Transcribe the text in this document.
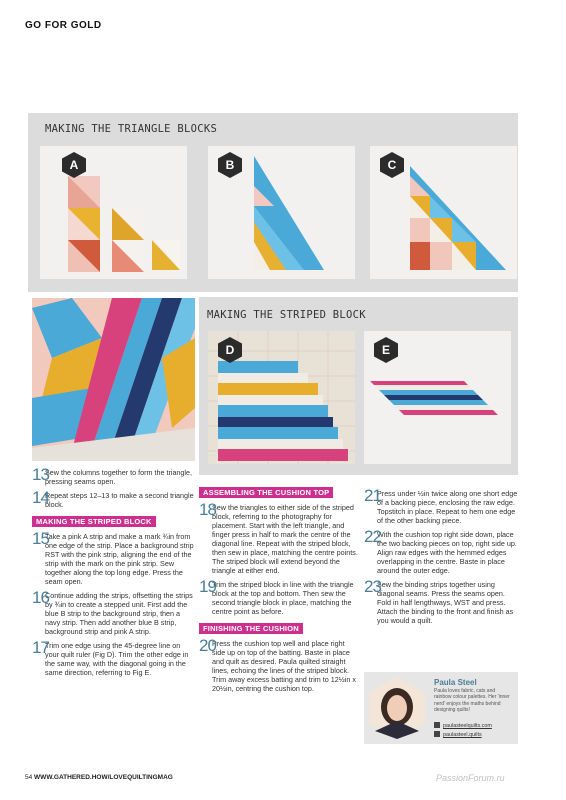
GO FOR GOLD
MAKING THE TRIANGLE BLOCKS
A	B	C
MAKING THE STRIPED BLOCK
D	E
13
Sew the columns together to form the triangle, pressing seams open.
14
Repeat steps 12–13 to make a second triangle block.
MAKING THE STRIPED BLOCK
15
Take a pink A strip and make a mark ¾in from one edge of the strip. Place a background strip RST with the pink strip, aligning the end of the strip with the mark on the pink strip. Sew together along the top long edge. Press the seam open.
16
Continue adding the strips, offsetting the strips by ¾in to create a stepped unit. First add the blue B strip to the background strip, then a navy strip. Then add another blue B strip, background strip and pink A strip.
17
Trim one edge using the 45-degree line on your quilt ruler (Fig D). Trim the other edge in the same way, with the diagonal going in the same direction, referring to Fig E.
ASSEMBLING THE CUSHION TOP
18
Sew the triangles to either side of the striped block, referring to the photography for placement. Start with the left triangle, and finger press in half to mark the centre of the diagonal line. Repeat with the striped block, then sew in place, matching the centre points. The striped block will extend beyond the triangle at either end.
19
Trim the striped block in line with the triangle block at the top and bottom. Then sew the second triangle block in place, matching the centre point as before.
FINISHING THE CUSHION
20
Press the cushion top well and place right side up on top of the batting. Baste in place and quilt as desired. Paula quilted straight lines, echoing the lines of the striped block. Trim away excess batting and trim to 12½in x 20½in, centring the cushion top.
21
Press under ½in twice along one short edge of a backing piece, enclosing the raw edge. Topstitch in place. Repeat to hem one edge of the other backing piece.
22
With the cushion top right side down, place the two backing pieces on top, right side up. Align raw edges with the hemmed edges overlapping in the centre. Baste in place around the outer edge.
23
Sew the binding strips together using diagonal seams. Press the seams open. Fold in half lengthways, WST and press. Attach the binding to the front and finish as you would a quilt.
Paula Steel
Paula loves fabric, cats and rainbow colour palettes. Her 'inner nerd' enjoys the maths behind designing quilts!
paulasteelquilts.com
paulasteel.quilts
54 WWW.GATHERED.HOW/LOVEQUILTINGMAG	PassionForum.ru
